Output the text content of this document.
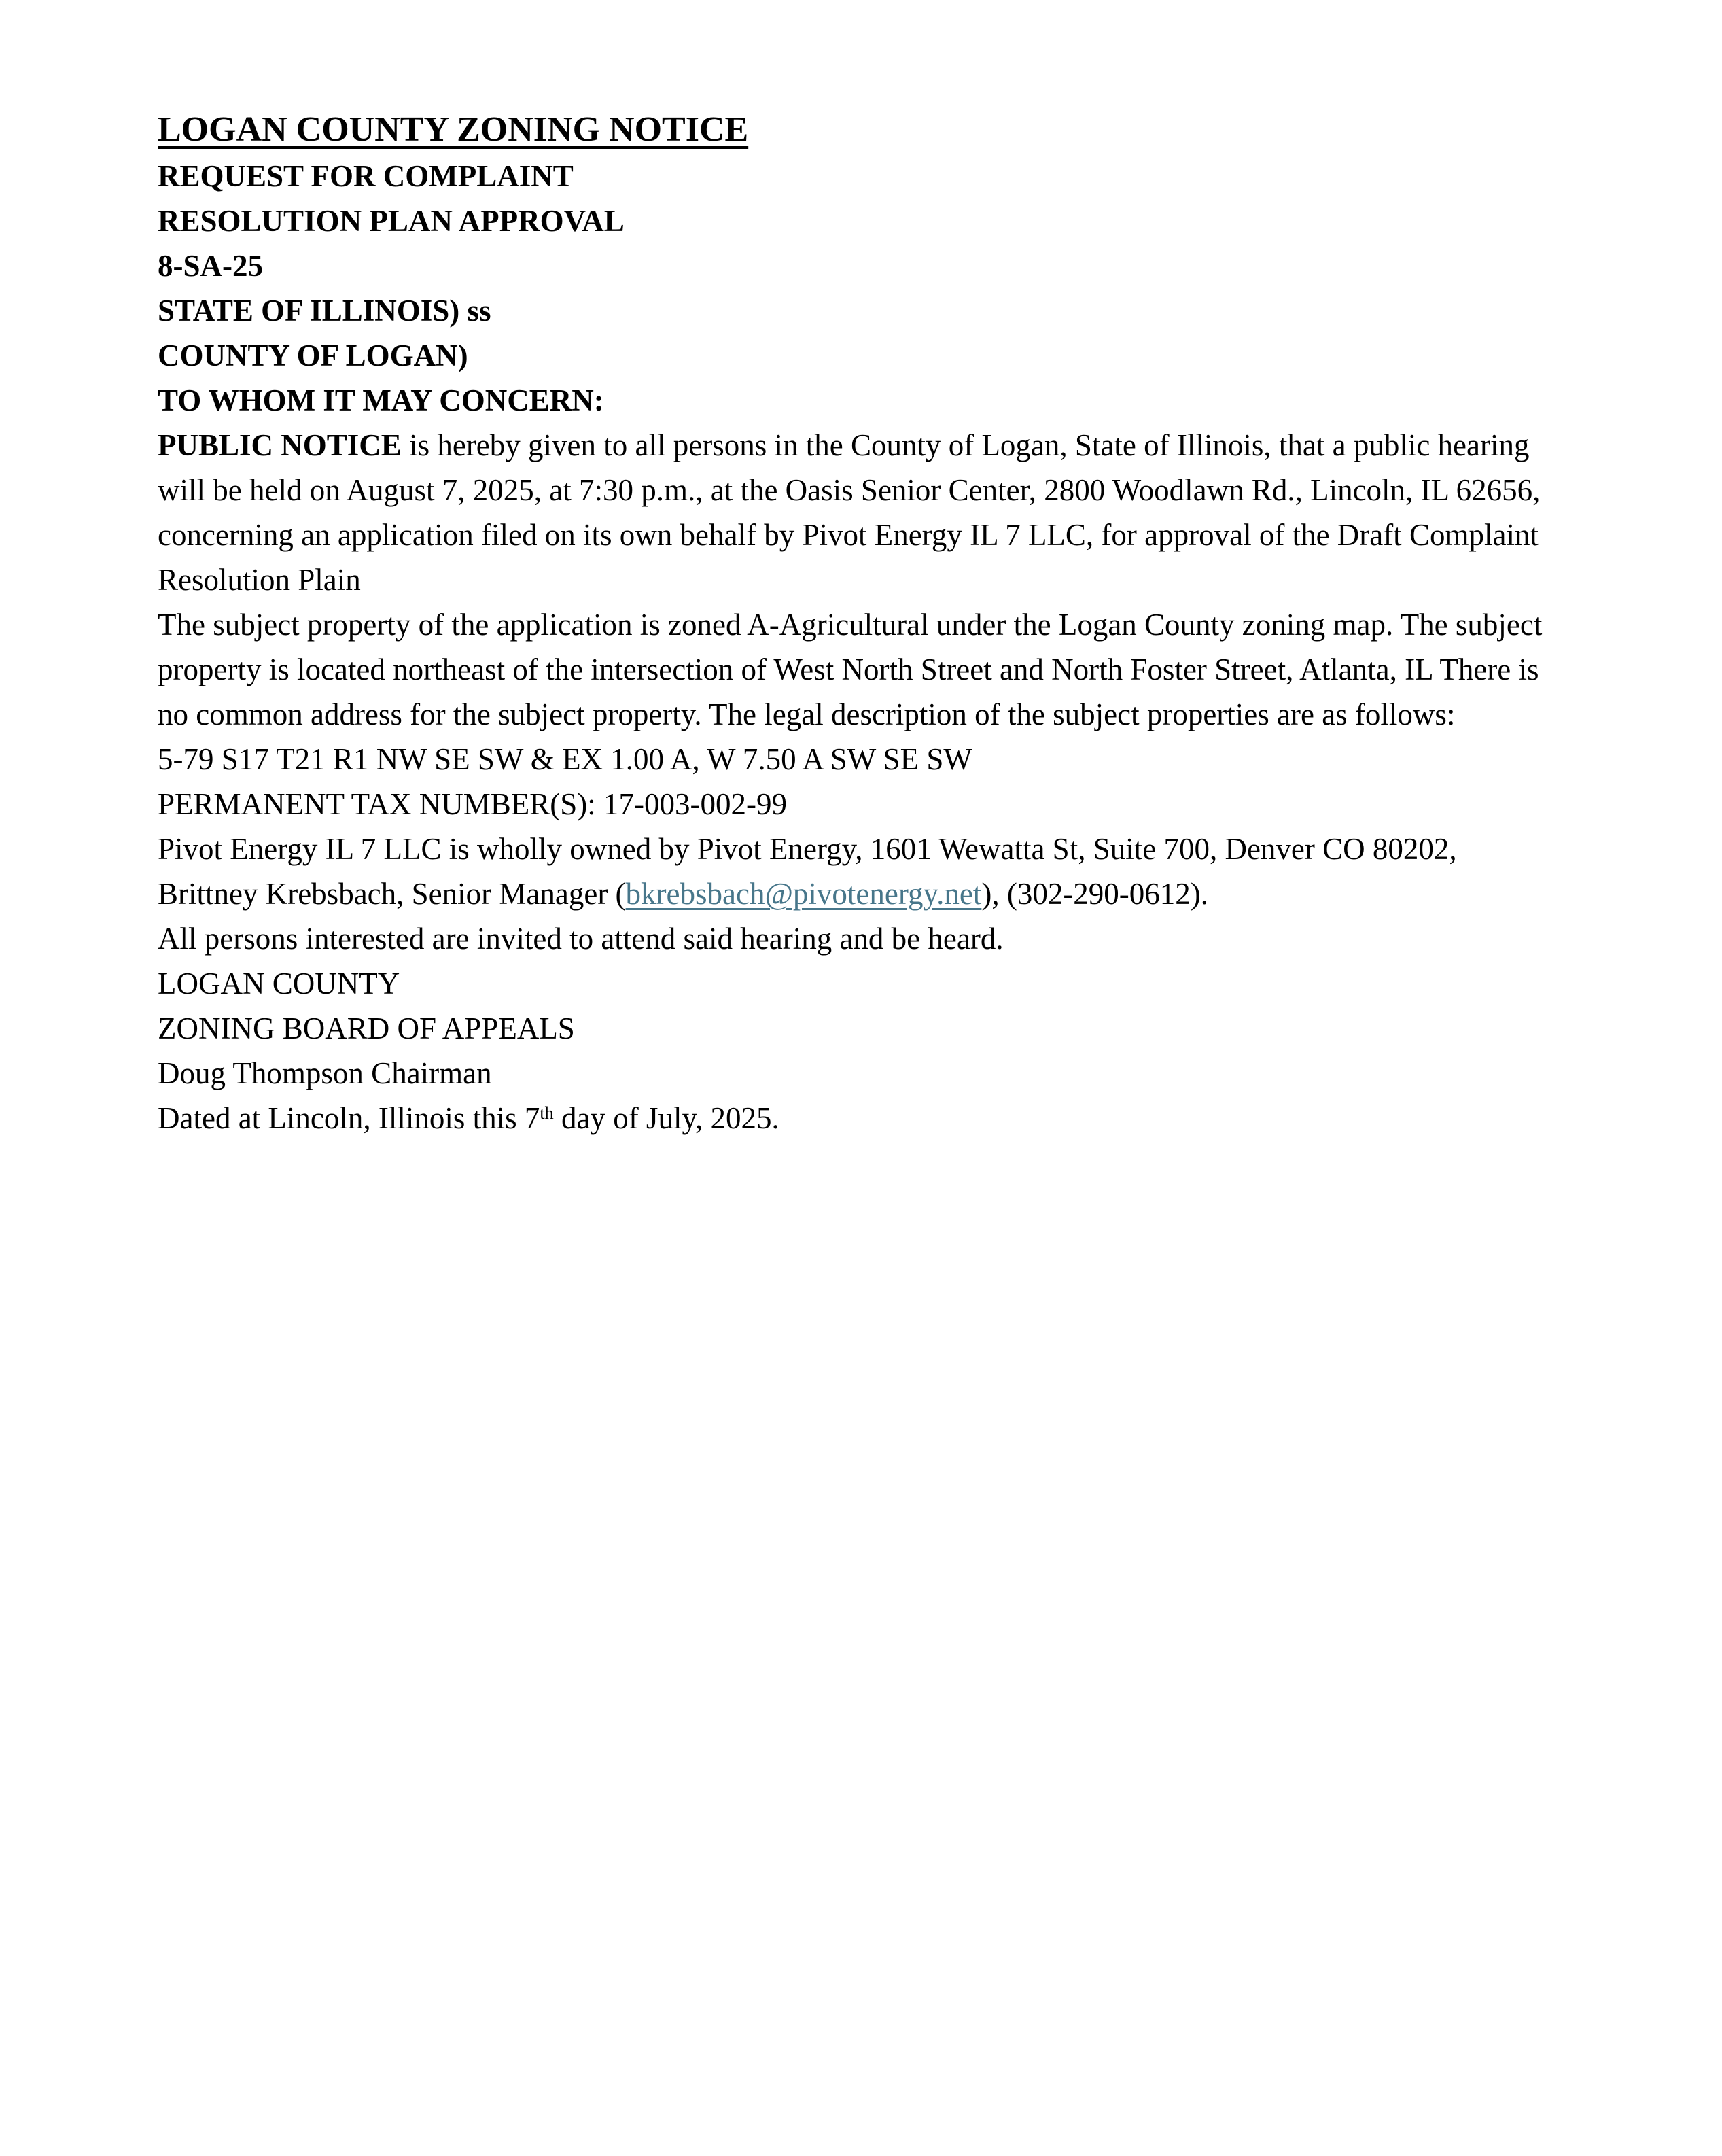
LOGAN COUNTY ZONING NOTICE

REQUEST FOR COMPLAINT RESOLUTION PLAN APPROVAL

8-SA-25

STATE OF ILLINOIS) ss

COUNTY OF LOGAN)

TO WHOM IT MAY CONCERN:

PUBLIC NOTICE is hereby given to all persons in the County of Logan, State of Illinois, that a public hearing will be held on August 7, 2025, at 7:30 p.m., at the Oasis Senior Center, 2800 Woodlawn Rd., Lincoln, IL 62656, concerning an application filed on its own behalf by Pivot Energy IL 7 LLC, for approval of the Draft Complaint Resolution Plain

The subject property of the application is zoned A-Agricultural under the Logan County zoning map. The subject property is located northeast of the intersection of West North Street and North Foster Street, Atlanta, IL There is no common address for the subject property. The legal description of the subject properties are as follows:

5-79 S17 T21 R1 NW SE SW & EX 1.00 A, W 7.50 A SW SE SW

PERMANENT TAX NUMBER(S): 17-003-002-99

Pivot Energy IL 7 LLC is wholly owned by Pivot Energy, 1601 Wewatta St, Suite 700, Denver CO 80202, Brittney Krebsbach, Senior Manager (bkrebsbach@pivotenergy.net), (302-290-0612).

All persons interested are invited to attend said hearing and be heard.

LOGAN COUNTY

ZONING BOARD OF APPEALS

Doug Thompson Chairman

Dated at Lincoln, Illinois this 7th day of July, 2025.
